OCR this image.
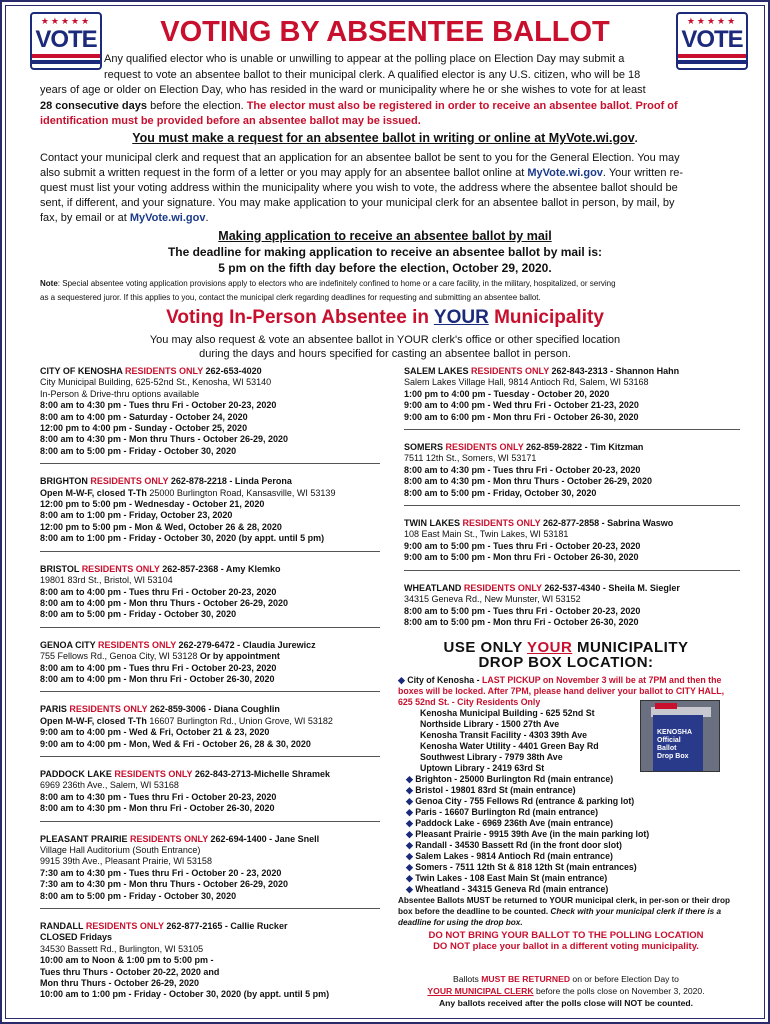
★★★★★
VOTE
★★★★★
VOTE
VOTING BY ABSENTEE BALLOT
Any qualified elector who is unable or unwilling to appear at the polling place on Election Day may submit a
request to vote an absentee ballot to their municipal clerk. A qualified elector is any U.S. citizen, who will be 18
years of age or older on Election Day, who has resided in the ward or municipality where he or she wishes to vote for at least
28 consecutive days before the election. The elector must also be registered in order to receive an absentee ballot. Proof of
identification must be provided before an absentee ballot may be issued.
You must make a request for an absentee ballot in writing or online at MyVote.wi.gov.
Contact your municipal clerk and request that an application for an absentee ballot be sent to you for the General Election. You may
also submit a written request in the form of a letter or you may apply for an absentee ballot online at MyVote.wi.gov. Your written re-
quest must list your voting address within the municipality where you wish to vote, the address where the absentee ballot should be
sent, if different, and your signature. You may make application to your municipal clerk for an absentee ballot in person, by mail, by
fax, by email or at MyVote.wi.gov.
Making application to receive an absentee ballot by mail
The deadline for making application to receive an absentee ballot by mail is:
5 pm on the fifth day before the election, October 29, 2020.
Note: Special absentee voting application provisions apply to electors who are indefinitely confined to home or a care facility, in the military, hospitalized, or serving
as a sequestered juror. If this applies to you, contact the municipal clerk regarding deadlines for requesting and submitting an absentee ballot.
Voting In-Person Absentee in YOUR Municipality
You may also request & vote an absentee ballot in YOUR clerk's office or other specified location
during the days and hours specified for casting an absentee ballot in person.
CITY OF KENOSHA RESIDENTS ONLY 262-653-4020
City Municipal Building, 625-52nd St., Kenosha, WI 53140
In-Person & Drive-thru options available
8:00 am to 4:30 pm - Tues thru Fri - October 20-23, 2020
8:00 am to 4:00 pm - Saturday - October 24, 2020
12:00 pm to 4:00 pm - Sunday - October 25, 2020
8:00 am to 4:30 pm - Mon thru Thurs - October 26-29, 2020
8:00 am to 5:00 pm - Friday - October 30, 2020
BRIGHTON RESIDENTS ONLY 262-878-2218 - Linda Perona
Open M-W-F, closed T-Th 25000 Burlington Road, Kansasville, WI 53139
12:00 pm to 5:00 pm - Wednesday - October 21, 2020
8:00 am to 1:00 pm - Friday, October 23, 2020
12:00 pm to 5:00 pm - Mon & Wed, October 26 & 28, 2020
8:00 am to 1:00 pm - Friday - October 30, 2020 (by appt. until 5 pm)
BRISTOL RESIDENTS ONLY 262-857-2368 - Amy Klemko
19801 83rd St., Bristol, WI 53104
8:00 am to 4:00 pm - Tues thru Fri - October 20-23, 2020
8:00 am to 4:00 pm - Mon thru Thurs - October 26-29, 2020
8:00 am to 5:00 pm - Friday - October 30, 2020
GENOA CITY RESIDENTS ONLY 262-279-6472 - Claudia Jurewicz
755 Fellows Rd., Genoa City, WI 53128 Or by appointment
8:00 am to 4:00 pm - Tues thru Fri - October 20-23, 2020
8:00 am to 4:00 pm - Mon thru Fri - October 26-30, 2020
PARIS RESIDENTS ONLY 262-859-3006 - Diana Coughlin
Open M-W-F, closed T-Th 16607 Burlington Rd., Union Grove, WI 53182
9:00 am to 4:00 pm - Wed & Fri, October 21 & 23, 2020
9:00 am to 4:00 pm - Mon, Wed & Fri - October 26, 28 & 30, 2020
PADDOCK LAKE RESIDENTS ONLY 262-843-2713-Michelle Shramek
6969 236th Ave., Salem, WI 53168
8:00 am to 4:30 pm - Tues thru Fri - October 20-23, 2020
8:00 am to 4:30 pm - Mon thru Fri - October 26-30, 2020
PLEASANT PRAIRIE RESIDENTS ONLY 262-694-1400 - Jane Snell
Village Hall Auditorium (South Entrance)
9915 39th Ave., Pleasant Prairie, WI 53158
7:30 am to 4:30 pm - Tues thru Fri - October 20 - 23, 2020
7:30 am to 4:30 pm - Mon thru Thurs - October 26-29, 2020
8:00 am to 5:00 pm - Friday - October 30, 2020
RANDALL RESIDENTS ONLY 262-877-2165 - Callie Rucker
CLOSED Fridays
34530 Bassett Rd., Burlington, WI 53105
10:00 am to Noon & 1:00 pm to 5:00 pm -
Tues thru Thurs - October 20-22, 2020 and
Mon thru Thurs - October 26-29, 2020
10:00 am to 1:00 pm - Friday - October 30, 2020 (by appt. until 5 pm)
SALEM LAKES RESIDENTS ONLY 262-843-2313 - Shannon Hahn
Salem Lakes Village Hall, 9814 Antioch Rd, Salem, WI 53168
1:00 pm to 4:00 pm - Tuesday - October 20, 2020
9:00 am to 4:00 pm - Wed thru Fri - October 21-23, 2020
9:00 am to 6:00 pm - Mon thru Fri - October 26-30, 2020
SOMERS RESIDENTS ONLY 262-859-2822 - Tim Kitzman
7511 12th St., Somers, WI 53171
8:00 am to 4:30 pm - Tues thru Fri - October 20-23, 2020
8:00 am to 4:30 pm - Mon thru Thurs - October 26-29, 2020
8:00 am to 5:00 pm - Friday, October 30, 2020
TWIN LAKES RESIDENTS ONLY 262-877-2858 - Sabrina Waswo
108 East Main St., Twin Lakes, WI 53181
9:00 am to 5:00 pm - Tues thru Fri - October 20-23, 2020
9:00 am to 5:00 pm - Mon thru Fri - October 26-30, 2020
WHEATLAND RESIDENTS ONLY 262-537-4340 - Sheila M. Siegler
34315 Geneva Rd., New Munster, WI 53152
8:00 am to 5:00 pm - Tues thru Fri - October 20-23, 2020
8:00 am to 5:00 pm - Mon thru Fri - October 26-30, 2020
USE ONLY YOUR MUNICIPALITY
DROP BOX LOCATION:
◆ City of Kenosha - LAST PICKUP on November 3 will be at 7PM and then the boxes will be locked. After 7PM, please hand deliver your ballot to CITY HALL, 625 52nd St. - City Residents Only
Kenosha Municipal Building - 625 52nd St
Northside Library - 1500 27th Ave
Kenosha Transit Facility - 4303 39th Ave
Kenosha Water Utility - 4401 Green Bay Rd
Southwest Library - 7979 38th Ave
Uptown Library - 2419 63rd St
◆ Brighton - 25000 Burlington Rd (main entrance)
◆ Bristol - 19801 83rd St (main entrance)
◆ Genoa City - 755 Fellows Rd (entrance & parking lot)
◆ Paris - 16607 Burlington Rd (main entrance)
◆ Paddock Lake - 6969 236th Ave (main entrance)
◆ Pleasant Prairie - 9915 39th Ave (in the main parking lot)
◆ Randall - 34530 Bassett Rd (in the front door slot)
◆ Salem Lakes - 9814 Antioch Rd (main entrance)
◆ Somers - 7511 12th St & 818 12th St (main entrances)
◆ Twin Lakes - 108 East Main St (main entrance)
◆ Wheatland - 34315 Geneva Rd (main entrance)
Absentee Ballots MUST be returned to YOUR municipal clerk, in per-son or their drop box before the deadline to be counted. Check with your municipal clerk if there is a deadline for using the drop box.
DO NOT BRING YOUR BALLOT TO THE POLLING LOCATION
DO NOT place your ballot in a different voting municipality.
KENOSHA
Official
Ballot
Drop Box
Ballots MUST BE RETURNED on or before Election Day to
YOUR MUNICIPAL CLERK before the polls close on November 3, 2020.
Any ballots received after the polls close will NOT be counted.
